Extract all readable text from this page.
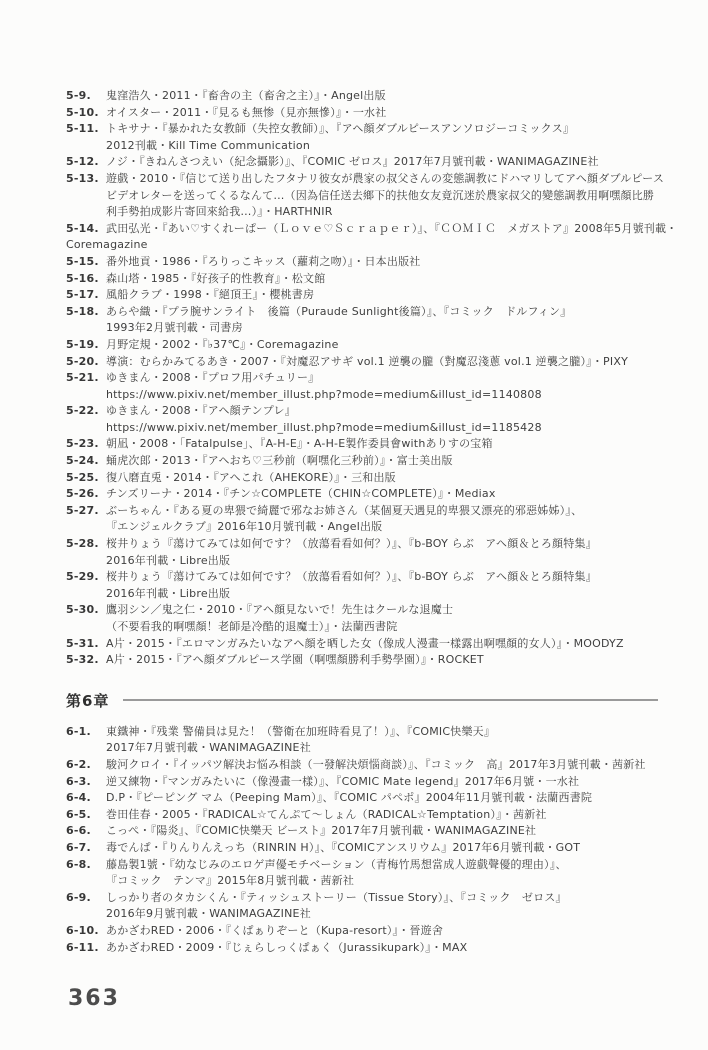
5-9.	鬼窪浩久・2011・『畜舎の主（畜舍之主）』・Angel出版
5-10. オイスター・2011・『見るも無惨（見亦無慘）』・一水社
5-11. トキサナ・『暴かれた女教師（失控女教師）』、『アヘ顔ダブルピースアンソロジーコミックス』
2012刊載・Kill Time Communication
5-12. ノジ・『きねんさつえい（紀念攝影）』、『COMIC ゼロス』2017年7月號刊載・WANIMAGAZINE社
5-13. 遊戲・2010・『信じて送り出したフタナリ彼女が農家の叔父さんの変態調教にドハマリしてアヘ顔ダブルピース
ビデオレターを送ってくるなんて…（因為信任送去鄉下的扶他女友竟沉迷於農家叔父的變態調教用啊嘿顏比勝
利手勢拍成影片寄回來給我…）』・HARTHNIR
5-14. 武田弘光・『あい♡すくれーぱー（Ｌｏｖｅ♡Ｓｃｒａｐｅｒ）』、『ＣＯＭＩＣ　メガストア』2008年5月號刊載・
Coremagazine
5-15. 番外地貢・1986・『ろりっこキッス（蘿莉之吻）』・日本出版社
5-16. 森山塔・1985・『好孩子的性教育』・松文館
5-17. 風船クラブ・1998・『絕頂王』・櫻桃書房
5-18. あらや織・『プラ腕サンライト　後篇（Puraude Sunlight後篇）』、『コミック　ドルフィン』
1993年2月號刊載・司書房
5-19. 月野定規・2002・『♭37℃』・Coremagazine
5-20. 導演：むらかみてるあき・2007・『対魔忍アサギ vol.1 逆襲の朧（對魔忍淺蔥 vol.1 逆襲之朧）』・PIXY
5-21. ゆきまん・2008・『プロフ用パチュリー』
https://www.pixiv.net/member_illust.php?mode=medium&illust_id=1140808
5-22. ゆきまん・2008・『アヘ顔テンプレ』
https://www.pixiv.net/member_illust.php?mode=medium&illust_id=1185428
5-23. 朝凪・2008・「Fatalpulse」、『A-H-E』・A-H-E製作委員會withありすの宝箱
5-24. 蛹虎次郎・2013・『アヘおち♡三秒前（啊嘿化三秒前）』・富士美出版
5-25. 復八磨直兎・2014・『アヘこれ（AHEKORE）』・三和出版
5-26. チンズリーナ・2014・『チン☆COMPLETE（CHIN☆COMPLETE）』・Mediax
5-27. ぶーちゃん・『ある夏の卑猥で綺麗で邪なお姉さん（某個夏天遇見的卑猥又漂亮的邪惡姊姊）』、
『エンジェルクラブ』2016年10月號刊載・Angel出版
5-28. 桜井りょう『蕩けてみては如何です？（放蕩看看如何？）』、『b-BOY らぶ　アヘ顔＆とろ顔特集』
2016年刊載・Libre出版
5-29. 桜井りょう『蕩けてみては如何です？（放蕩看看如何？）』、『b-BOY らぶ　アヘ顔＆とろ顔特集』
2016年刊載・Libre出版
5-30. 鷹羽シン／鬼之仁・2010・『アヘ顔見ないで！先生はクールな退魔士
（不要看我的啊嘿顏！老師是冷酷的退魔士）』・法蘭西書院
5-31. A片・2015・『エロマンガみたいなアヘ顔を晒した女（像成人漫畫一樣露出啊嘿顏的女人）』・MOODYZ
5-32. A片・2015・『アヘ顔ダブルピース学園（啊嘿顏勝利手勢學園）』・ROCKET
第6章
6-1.	東鐵神・『残業 警備員は見た！（警衛在加班時看見了！）』、『COMIC快樂天』
2017年7月號刊載・WANIMAGAZINE社
6-2.	駿河クロイ・『イッパツ解決お悩み相談（一發解決煩惱商談）』、『コミック　高』2017年3月號刊載・茜新社
6-3.	逆又練物・『マンガみたいに（像漫畫一樣）』、『COMIC Mate legend』2017年6月號・一水社
6-4.	D.P・『ピーピング マム（Peeping Mam）』、『COMIC パペポ』2004年11月號刊載・法蘭西書院
6-5.	巻田佳春・2005・『RADICAL☆てんぷて〜しょん（RADICAL☆Temptation）』・茜新社
6-6.	こっぺ・『陽炎』、『COMIC快樂天 ビースト』2017年7月號刊載・WANIMAGAZINE社
6-7.	毒でんぱ・『りんりんえっち（RINRIN H）』、『COMICアンスリウム』2017年6月號刊載・GOT
6-8.	藤島製1號・『幼なじみのエロゲ声優モチベーション（青梅竹馬想當成人遊戲聲優的理由）』、
『コミック　テンマ』2015年8月號刊載・茜新社
6-9.	しっかり者のタカシくん・『ティッシュストーリー（Tissue Story）』、『コミック　ゼロス』
2016年9月號刊載・WANIMAGAZINE社
6-10. あかざわRED・2006・『くぱぁりぞーと（Kupa-resort）』・晉遊舍
6-11. あかざわRED・2009・『じぇらしっくぱぁく（Jurassikupark）』・MAX
363
